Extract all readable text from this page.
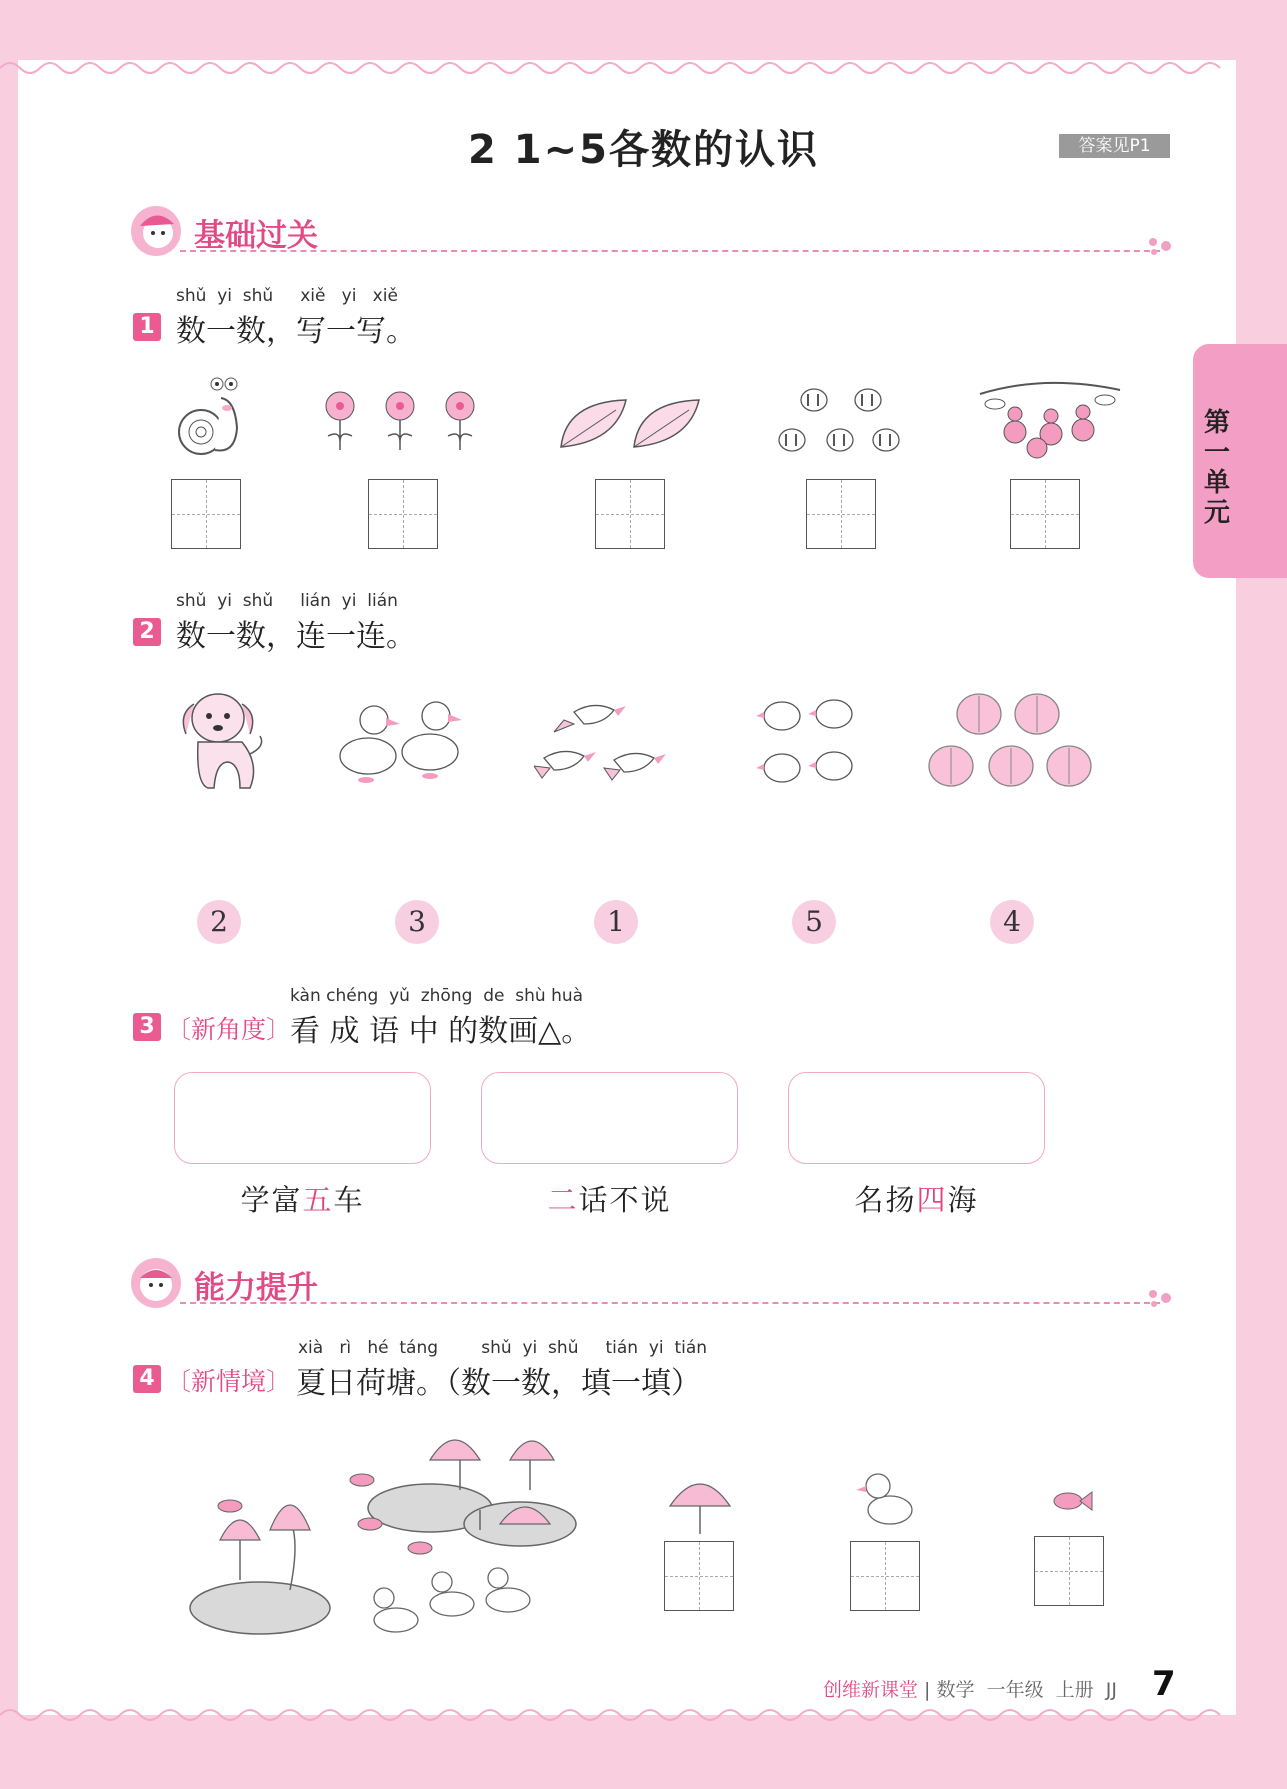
第一单元
2 1~5各数的认识	答案见P1
基础过关
shǔ  yi  shǔ     xiě   yi   xiě
1 数一数，写一写。
shǔ  yi  shǔ     lián  yi  lián
2 数一数，连一连。
2	3	1	5	4
kàn chéng  yǔ  zhōng  de  shù huà
3 〔新角度〕
看 成 语 中 的数画△。
学富五车	二话不说	名扬四海
能力提升
xià   rì   hé  táng        shǔ  yi  shǔ     tián  yi  tián
4 〔新情境〕 夏日荷塘。（数一数，填一填）
创维新课堂 | 数学  一年级  上册  JJ 7
